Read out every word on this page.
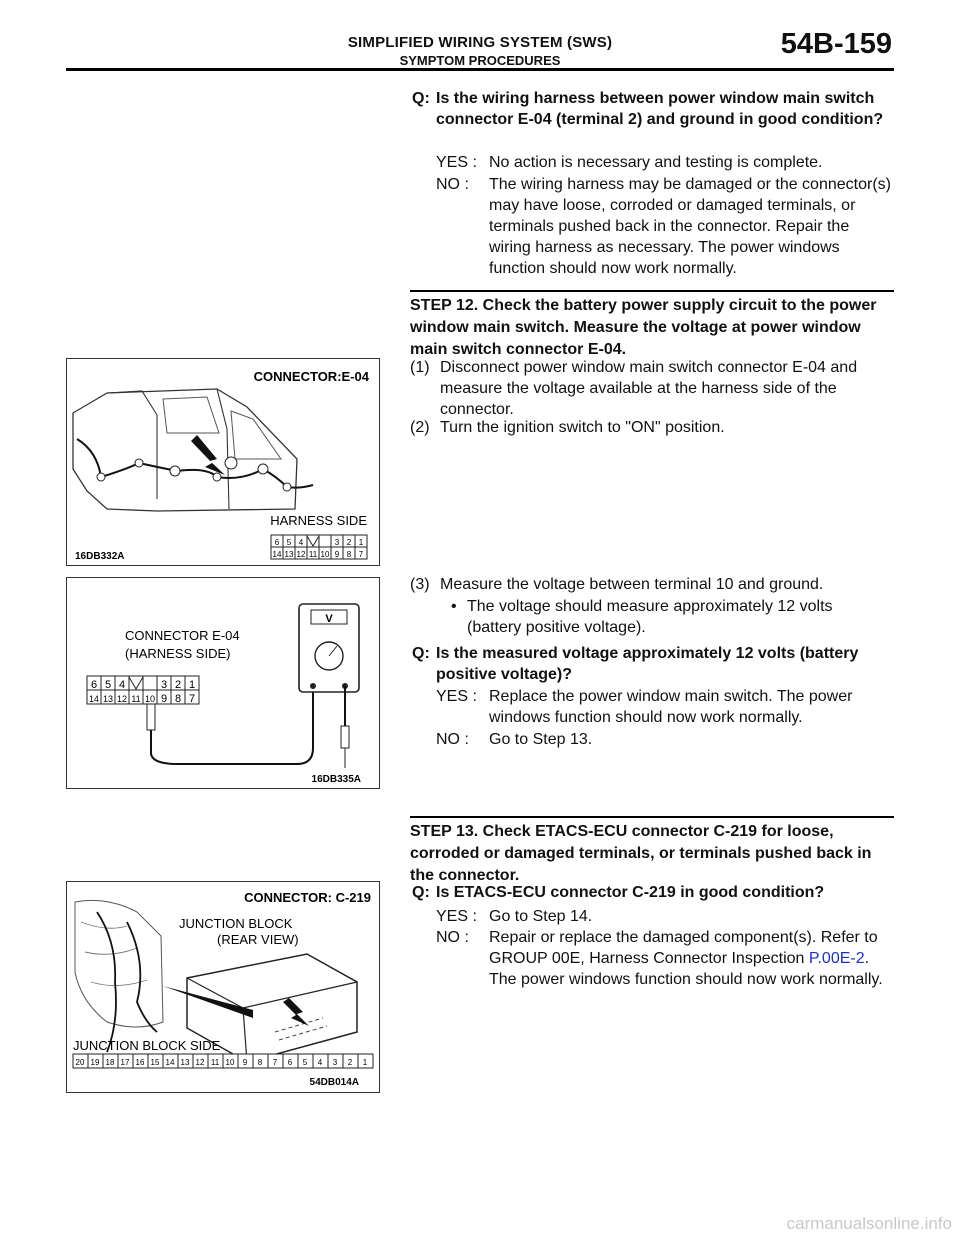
SIMPLIFIED WIRING SYSTEM (SWS)
SYMPTOM PROCEDURES
54B-159
Q: Is the wiring harness between power window main switch connector E-04 (terminal 2) and ground in good condition?
YES : No action is necessary and testing is complete.
NO : The wiring harness may be damaged or the connector(s) may have loose, corroded or damaged terminals, or terminals pushed back in the connector. Repair the wiring harness as necessary. The power windows function should now work normally.
STEP 12. Check the battery power supply circuit to the power window main switch. Measure the voltage at power window main switch connector E-04.
(1) Disconnect power window main switch connector E-04 and measure the voltage available at the harness side of the connector.
(2) Turn the ignition switch to "ON" position.
(3) Measure the voltage between terminal 10 and ground.
• The voltage should measure approximately 12 volts (battery positive voltage).
Q: Is the measured voltage approximately 12 volts (battery positive voltage)?
YES : Replace the power window main switch. The power windows function should now work normally.
NO : Go to Step 13.
STEP 13. Check ETACS-ECU connector C-219 for loose, corroded or damaged terminals, or terminals pushed back in the connector.
Q: Is ETACS-ECU connector C-219 in good condition?
YES : Go to Step 14.
NO : Repair or replace the damaged component(s). Refer to GROUP 00E, Harness Connector Inspection P.00E-2. The power windows function should now work normally.
CONNECTOR:E-04
HARNESS SIDE
16DB332A
6 5 4	3 2 1
14 13 12 11 10 9 8 7
CONNECTOR E-04
(HARNESS SIDE)
6 5 4	3 2 1
14 13 12 11 10 9 8 7
V
16DB335A
CONNECTOR: C-219
JUNCTION BLOCK
(REAR VIEW)
JUNCTION BLOCK SIDE
20 19 18 17 16 15 14 13 12 11 10 9 8 7 6 5 4 3 2 1
54DB014A
carmanualsonline.info
